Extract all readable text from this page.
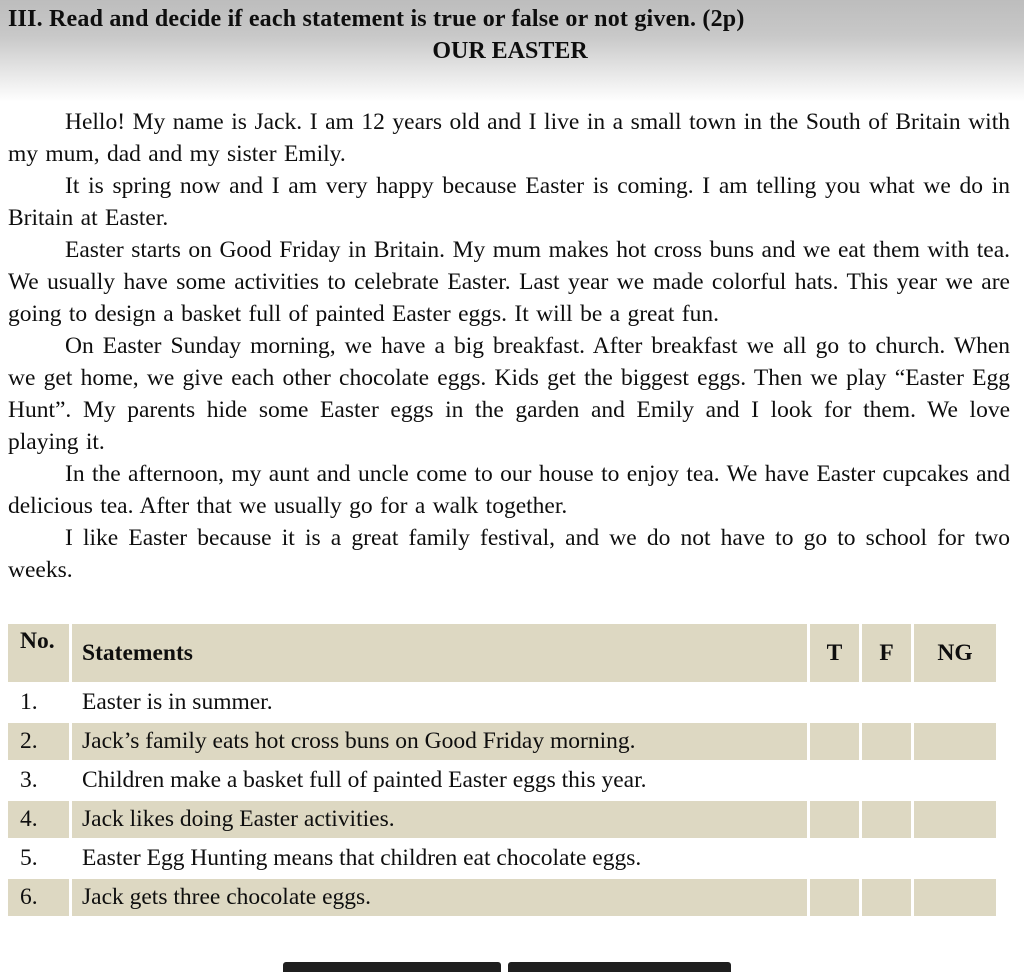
III. Read and decide if each statement is true or false or not given. (2p)
OUR EASTER

Hello! My name is Jack. I am 12 years old and I live in a small town in the South of Britain with my mum, dad and my sister Emily.

It is spring now and I am very happy because Easter is coming. I am telling you what we do in Britain at Easter.

Easter starts on Good Friday in Britain. My mum makes hot cross buns and we eat them with tea. We usually have some activities to celebrate Easter. Last year we made colorful hats. This year we are going to design a basket full of painted Easter eggs. It will be a great fun.

On Easter Sunday morning, we have a big breakfast. After breakfast we all go to church. When we get home, we give each other chocolate eggs. Kids get the biggest eggs. Then we play “Easter Egg Hunt”. My parents hide some Easter eggs in the garden and Emily and I look for them. We love playing it.

In the afternoon, my aunt and uncle come to our house to enjoy tea. We have Easter cupcakes and delicious tea. After that we usually go for a walk together.

I like Easter because it is a great family festival, and we do not have to go to school for two weeks.

No.	Statements	T	F	NG
1.	Easter is in summer.			
2.	Jack’s family eats hot cross buns on Good Friday morning.			
3.	Children make a basket full of painted Easter eggs this year.			
4.	Jack likes doing Easter activities.			
5.	Easter Egg Hunting means that children eat chocolate eggs.			
6.	Jack gets three chocolate eggs.			
